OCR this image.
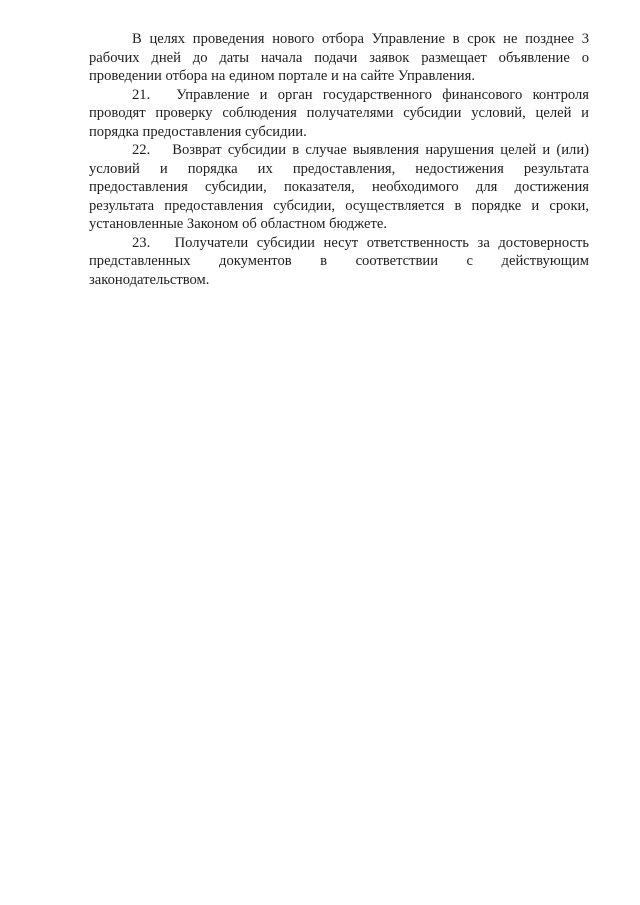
В целях проведения нового отбора Управление в срок не позднее 3 рабочих дней до даты начала подачи заявок размещает объявление о проведении отбора на едином портале и на сайте Управления.

21. Управление и орган государственного финансового контроля проводят проверку соблюдения получателями субсидии условий, целей и порядка предоставления субсидии.

22. Возврат субсидии в случае выявления нарушения целей и (или) условий и порядка их предоставления, недостижения результата предоставления субсидии, показателя, необходимого для достижения результата предоставления субсидии, осуществляется в порядке и сроки, установленные Законом об областном бюджете.

23. Получатели субсидии несут ответственность за достоверность представленных документов в соответствии с действующим

законодательством.
